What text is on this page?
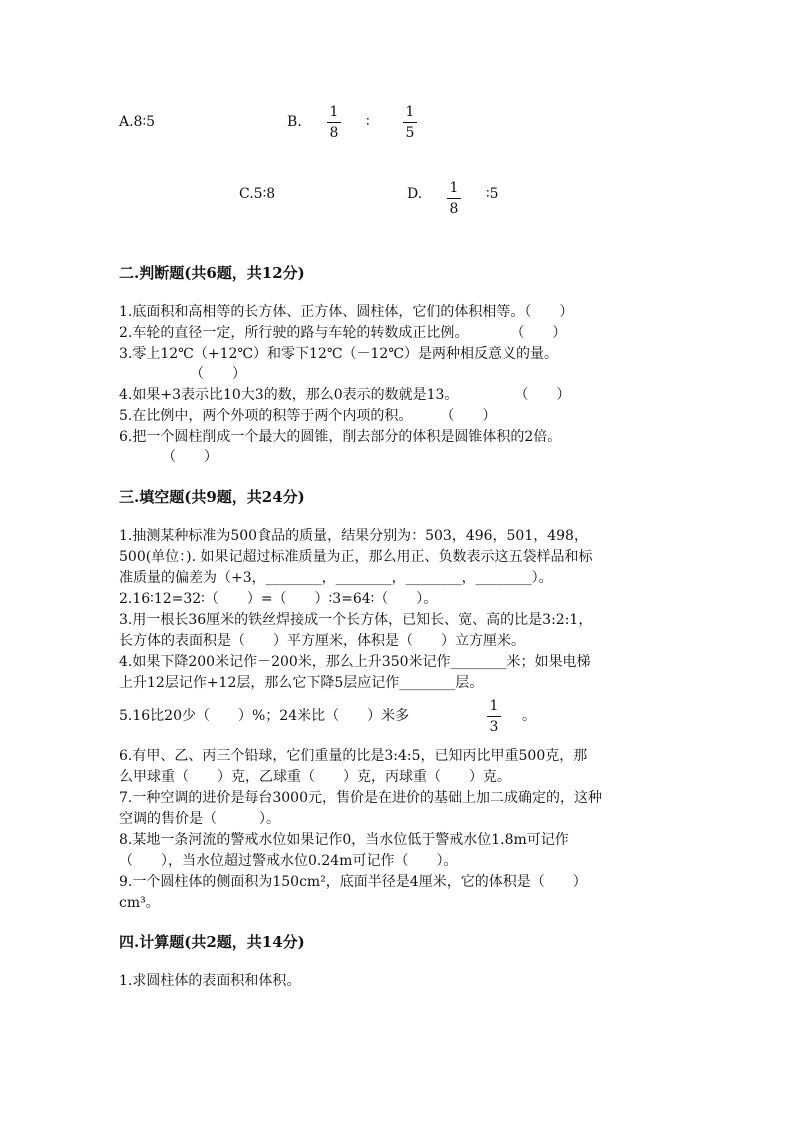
A.8∶5	B.
1
8
∶
1
5
C.5∶8	D. 1
8
∶5
二.判断题(共6题，共12分)
1.底面积和高相等的长方体、正方体、圆柱体，它们的体积相等。（　　）
2.车轮的直径一定，所行驶的路与车轮的转数成正比例。　　　　（　　）
3.零上12℃（+12℃）和零下12℃（－12℃）是两种相反意义的量。
（　　）
4.如果+3表示比10大3的数，那么0表示的数就是13。　　　　　（　　）
5.在比例中，两个外项的积等于两个内项的积。　　　（　　）
6.把一个圆柱削成一个最大的圆锥，削去部分的体积是圆锥体积的2倍。
（　　）
三.填空题(共9题，共24分)
1.抽测某种标准为500食品的质量，结果分别为：503，496，501，498，
500(单位：). 如果记超过标准质量为正，那么用正、负数表示这五袋样品和标
准质量的偏差为（+3，________，________，________，________）。
2.16∶12=32∶（　　）=（　　）∶3=64∶（　　）。
3.用一根长36厘米的铁丝焊接成一个长方体，已知长、宽、高的比是3:2:1，
长方体的表面积是（　　）平方厘米，体积是（　　）立方厘米。
4.如果下降200米记作－200米，那么上升350米记作________米；如果电梯
上升12层记作+12层，那么它下降5层应记作________层。
5.16比20少（　　）%；24米比（　　）米多
1
3
。
6.有甲、乙、丙三个铅球，它们重量的比是3:4:5，已知丙比甲重500克，那
么甲球重（　　）克，乙球重（　　）克，丙球重（　　）克。
7.一种空调的进价是每台3000元，售价是在进价的基础上加二成确定的，这种
空调的售价是（　　　）。
8.某地一条河流的警戒水位如果记作0，当水位低于警戒水位1.8m可记作
（　　），当水位超过警戒水位0.24m可记作（　　）。
9.一个圆柱体的侧面积为150cm²，底面半径是4厘米，它的体积是（　　）
cm³。
四.计算题(共2题，共14分)
1.求圆柱体的表面积和体积。
